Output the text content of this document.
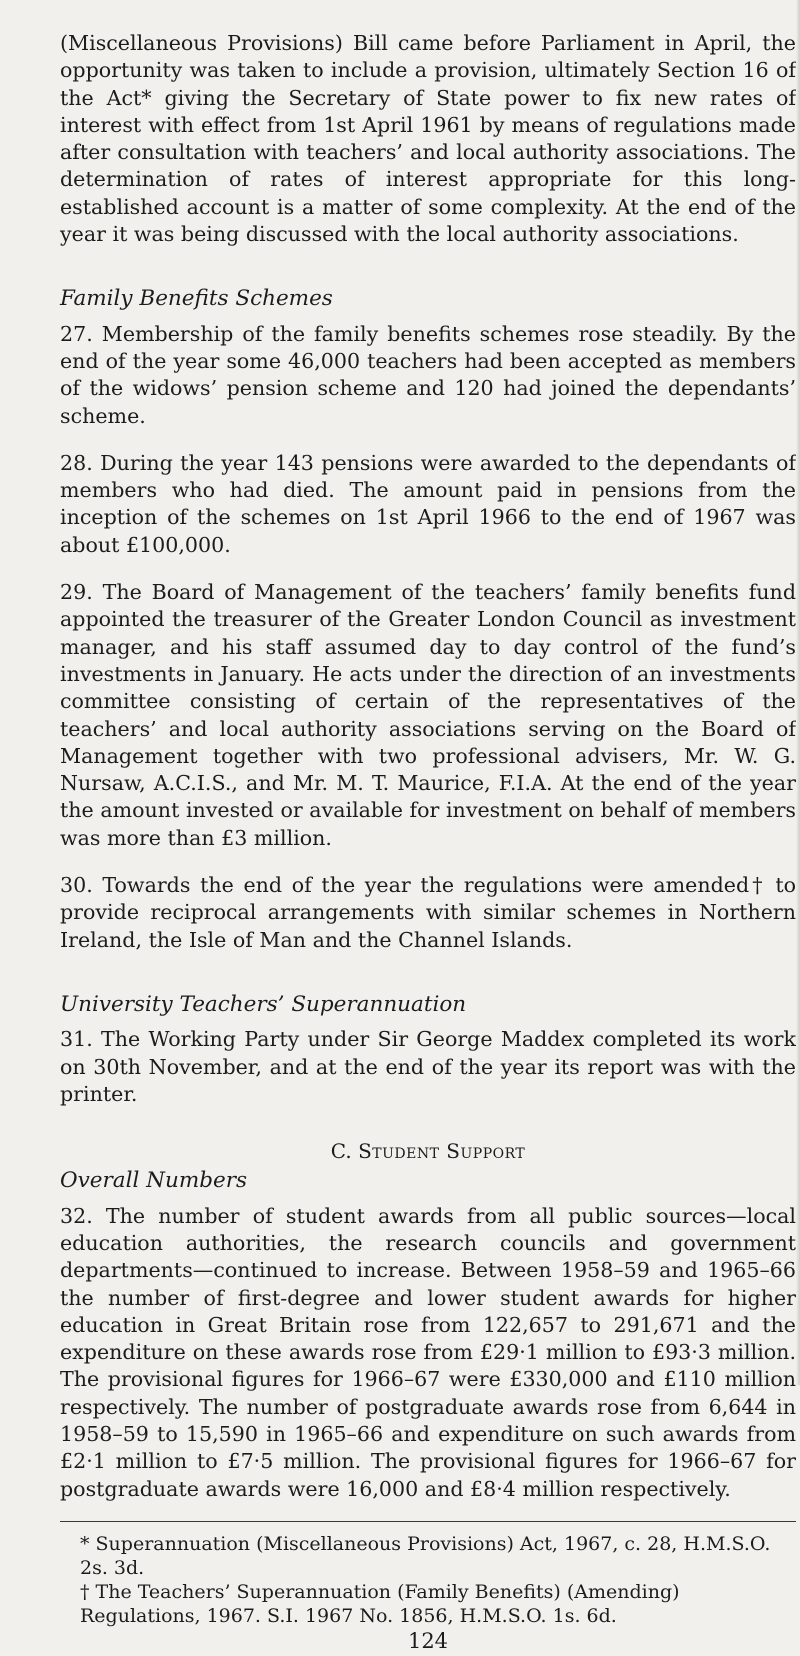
(Miscellaneous Provisions) Bill came before Parliament in April, the opportunity was taken to include a provision, ultimately Section 16 of the Act* giving the Secretary of State power to fix new rates of interest with effect from 1st April 1961 by means of regulations made after consultation with teachers’ and local authority associations. The determination of rates of interest appropriate for this long-established account is a matter of some complexity. At the end of the year it was being discussed with the local authority associations.

Family Benefits Schemes

27. Membership of the family benefits schemes rose steadily. By the end of the year some 46,000 teachers had been accepted as members of the widows’ pension scheme and 120 had joined the dependants’ scheme.

28. During the year 143 pensions were awarded to the dependants of members who had died. The amount paid in pensions from the inception of the schemes on 1st April 1966 to the end of 1967 was about £100,000.

29. The Board of Management of the teachers’ family benefits fund appointed the treasurer of the Greater London Council as investment manager, and his staff assumed day to day control of the fund’s investments in January. He acts under the direction of an investments committee consisting of certain of the representatives of the teachers’ and local authority associations serving on the Board of Management together with two professional advisers, Mr. W. G. Nursaw, A.C.I.S., and Mr. M. T. Maurice, F.I.A. At the end of the year the amount invested or available for investment on behalf of members was more than £3 million.

30. Towards the end of the year the regulations were amended† to provide reciprocal arrangements with similar schemes in Northern Ireland, the Isle of Man and the Channel Islands.

University Teachers’ Superannuation

31. The Working Party under Sir George Maddex completed its work on 30th November, and at the end of the year its report was with the printer.

C. Student Support
Overall Numbers

32. The number of student awards from all public sources—local education authorities, the research councils and government departments—continued to increase. Between 1958–59 and 1965–66 the number of first-degree and lower student awards for higher education in Great Britain rose from 122,657 to 291,671 and the expenditure on these awards rose from £29·1 million to £93·3 million. The provisional figures for 1966–67 were £330,000 and £110 million respectively. The number of postgraduate awards rose from 6,644 in 1958–59 to 15,590 in 1965–66 and expenditure on such awards from £2·1 million to £7·5 million. The provisional figures for 1966–67 for postgraduate awards were 16,000 and £8·4 million respectively.

* Superannuation (Miscellaneous Provisions) Act, 1967, c. 28, H.M.S.O. 2s. 3d.

† The Teachers’ Superannuation (Family Benefits) (Amending) Regulations, 1967. S.I. 1967 No. 1856, H.M.S.O. 1s. 6d.

124
